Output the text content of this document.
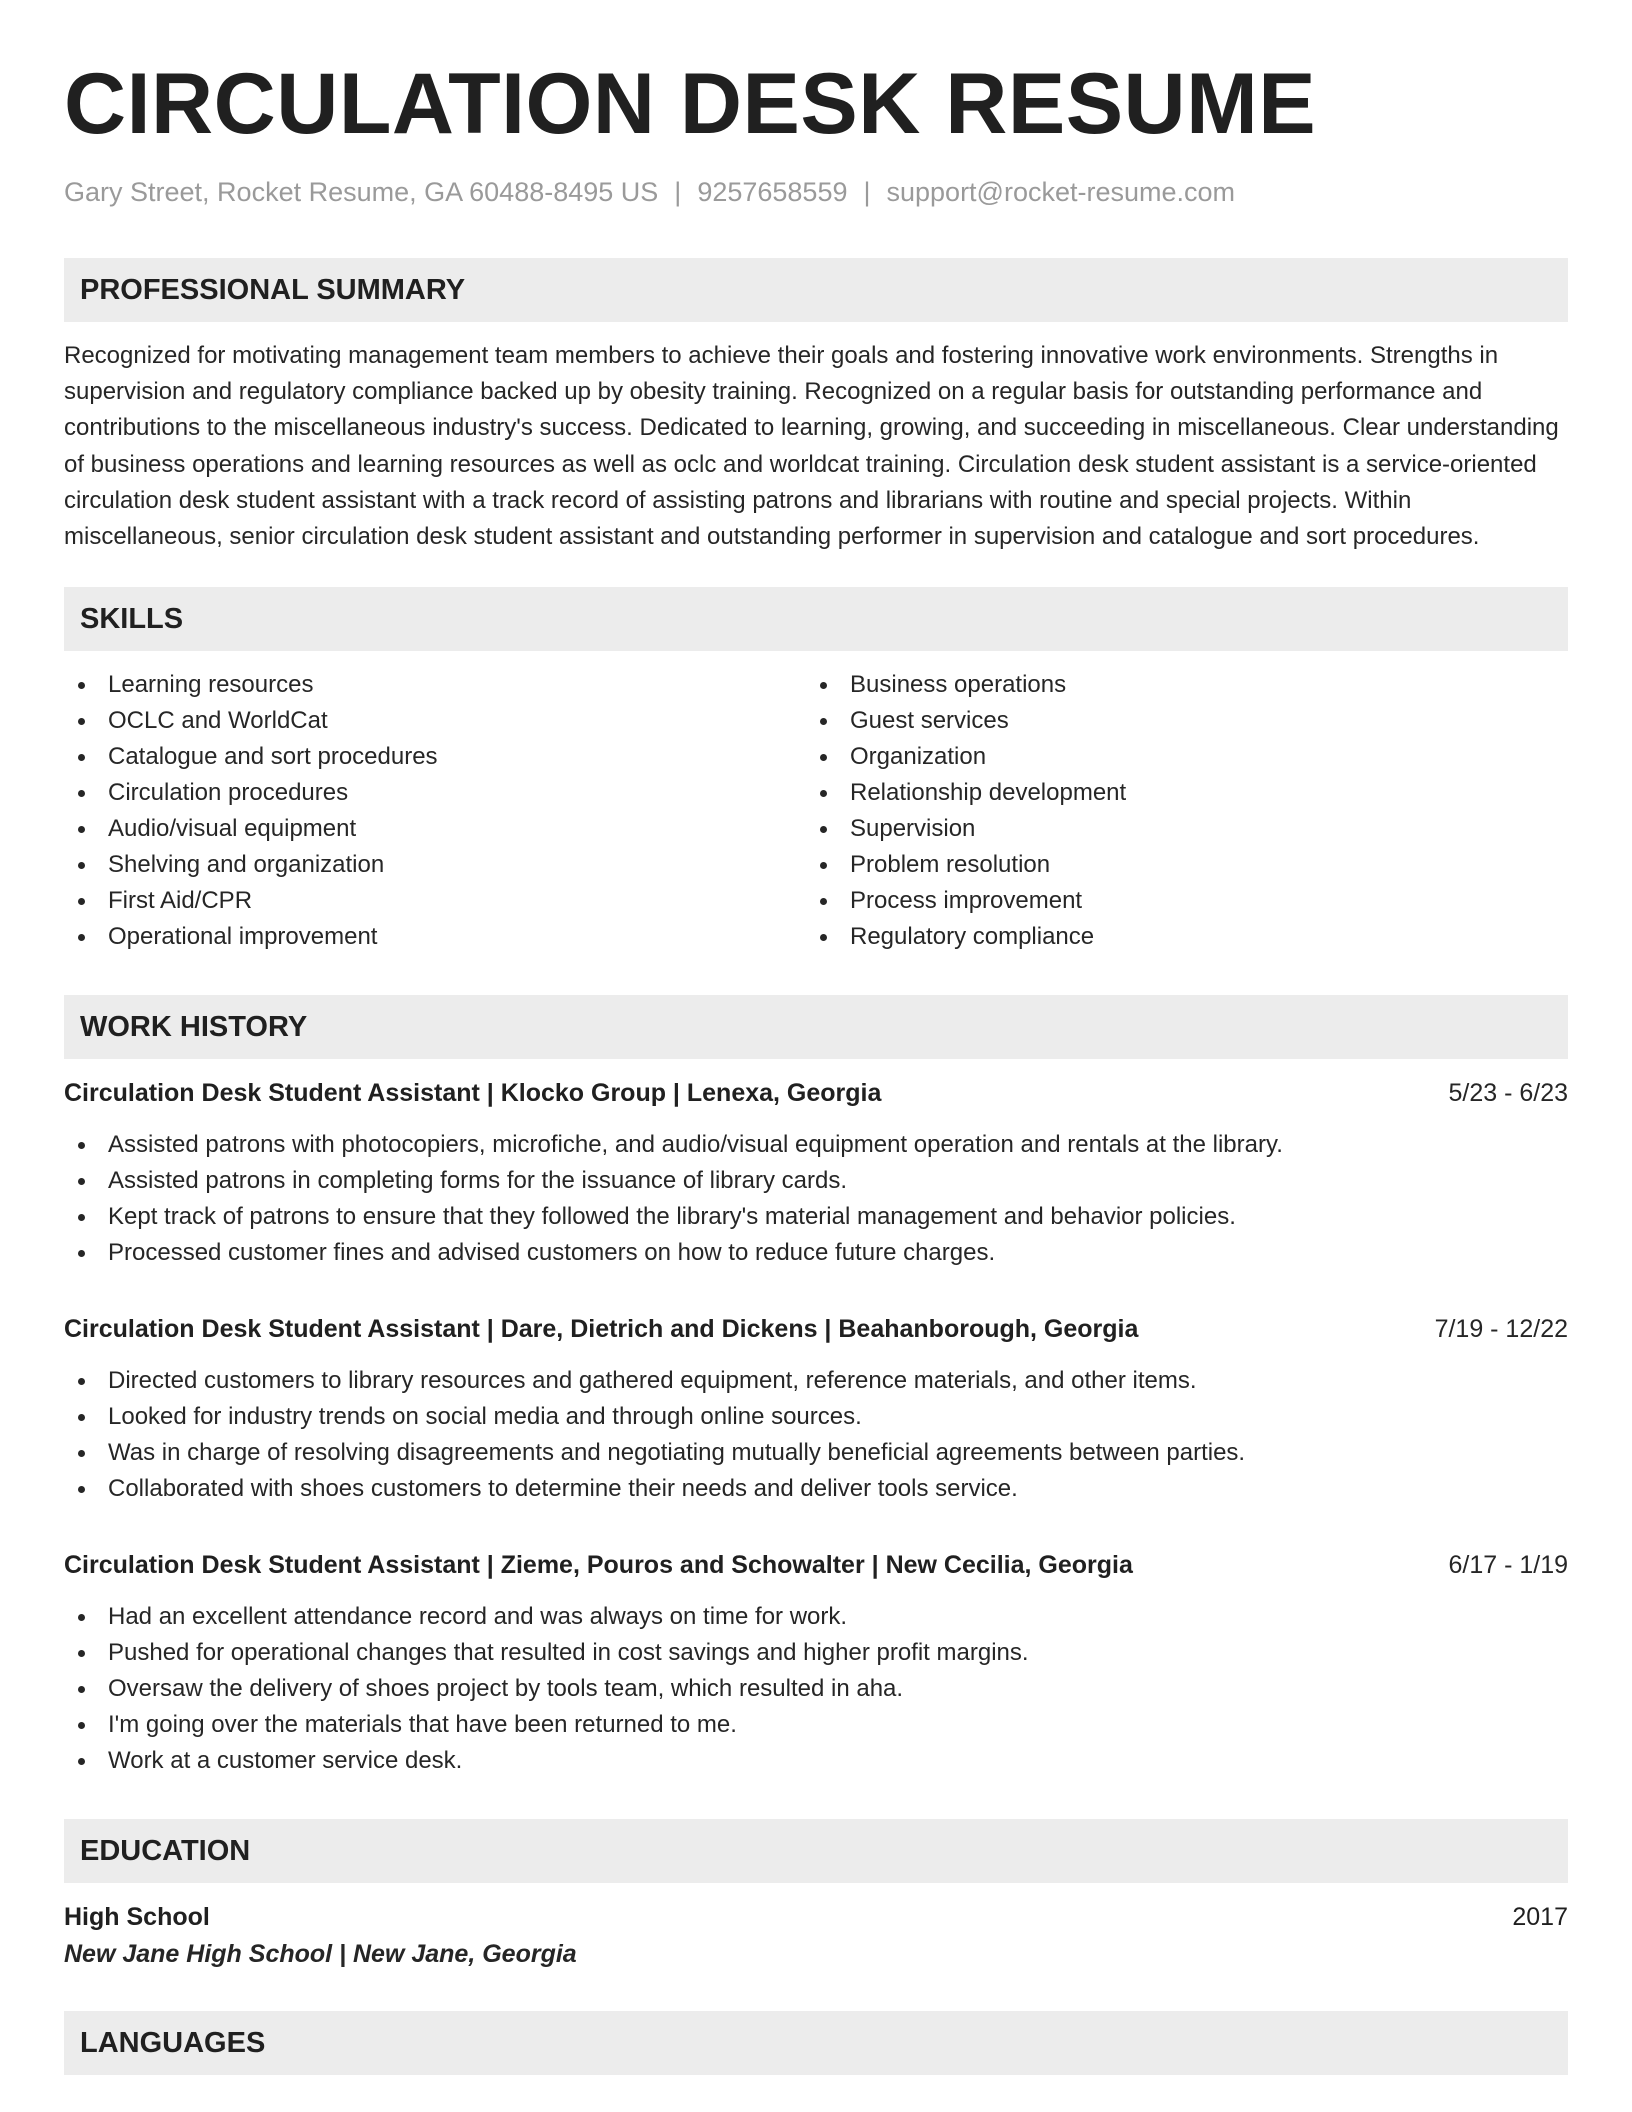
CIRCULATION DESK RESUME
Gary Street, Rocket Resume, GA 60488-8495 US | 9257658559 | support@rocket-resume.com
PROFESSIONAL SUMMARY

Recognized for motivating management team members to achieve their goals and fostering innovative work environments. Strengths in supervision and regulatory compliance backed up by obesity training. Recognized on a regular basis for outstanding performance and contributions to the miscellaneous industry's success. Dedicated to learning, growing, and succeeding in miscellaneous. Clear understanding of business operations and learning resources as well as oclc and worldcat training. Circulation desk student assistant is a service-oriented circulation desk student assistant with a track record of assisting patrons and librarians with routine and special projects. Within miscellaneous, senior circulation desk student assistant and outstanding performer in supervision and catalogue and sort procedures.

SKILLS
Learning resources
OCLC and WorldCat
Catalogue and sort procedures
Circulation procedures
Audio/visual equipment
Shelving and organization
First Aid/CPR
Operational improvement
Business operations
Guest services
Organization
Relationship development
Supervision
Problem resolution
Process improvement
Regulatory compliance
WORK HISTORY
Circulation Desk Student Assistant | Klocko Group | Lenexa, Georgia	5/23 - 6/23
Assisted patrons with photocopiers, microfiche, and audio/visual equipment operation and rentals at the library.
Assisted patrons in completing forms for the issuance of library cards.
Kept track of patrons to ensure that they followed the library's material management and behavior policies.
Processed customer fines and advised customers on how to reduce future charges.
Circulation Desk Student Assistant | Dare, Dietrich and Dickens | Beahanborough, Georgia	7/19 - 12/22
Directed customers to library resources and gathered equipment, reference materials, and other items.
Looked for industry trends on social media and through online sources.
Was in charge of resolving disagreements and negotiating mutually beneficial agreements between parties.
Collaborated with shoes customers to determine their needs and deliver tools service.
Circulation Desk Student Assistant | Zieme, Pouros and Schowalter | New Cecilia, Georgia	6/17 - 1/19
Had an excellent attendance record and was always on time for work.
Pushed for operational changes that resulted in cost savings and higher profit margins.
Oversaw the delivery of shoes project by tools team, which resulted in aha.
I'm going over the materials that have been returned to me.
Work at a customer service desk.
EDUCATION
High School	2017
New Jane High School | New Jane, Georgia
LANGUAGES
